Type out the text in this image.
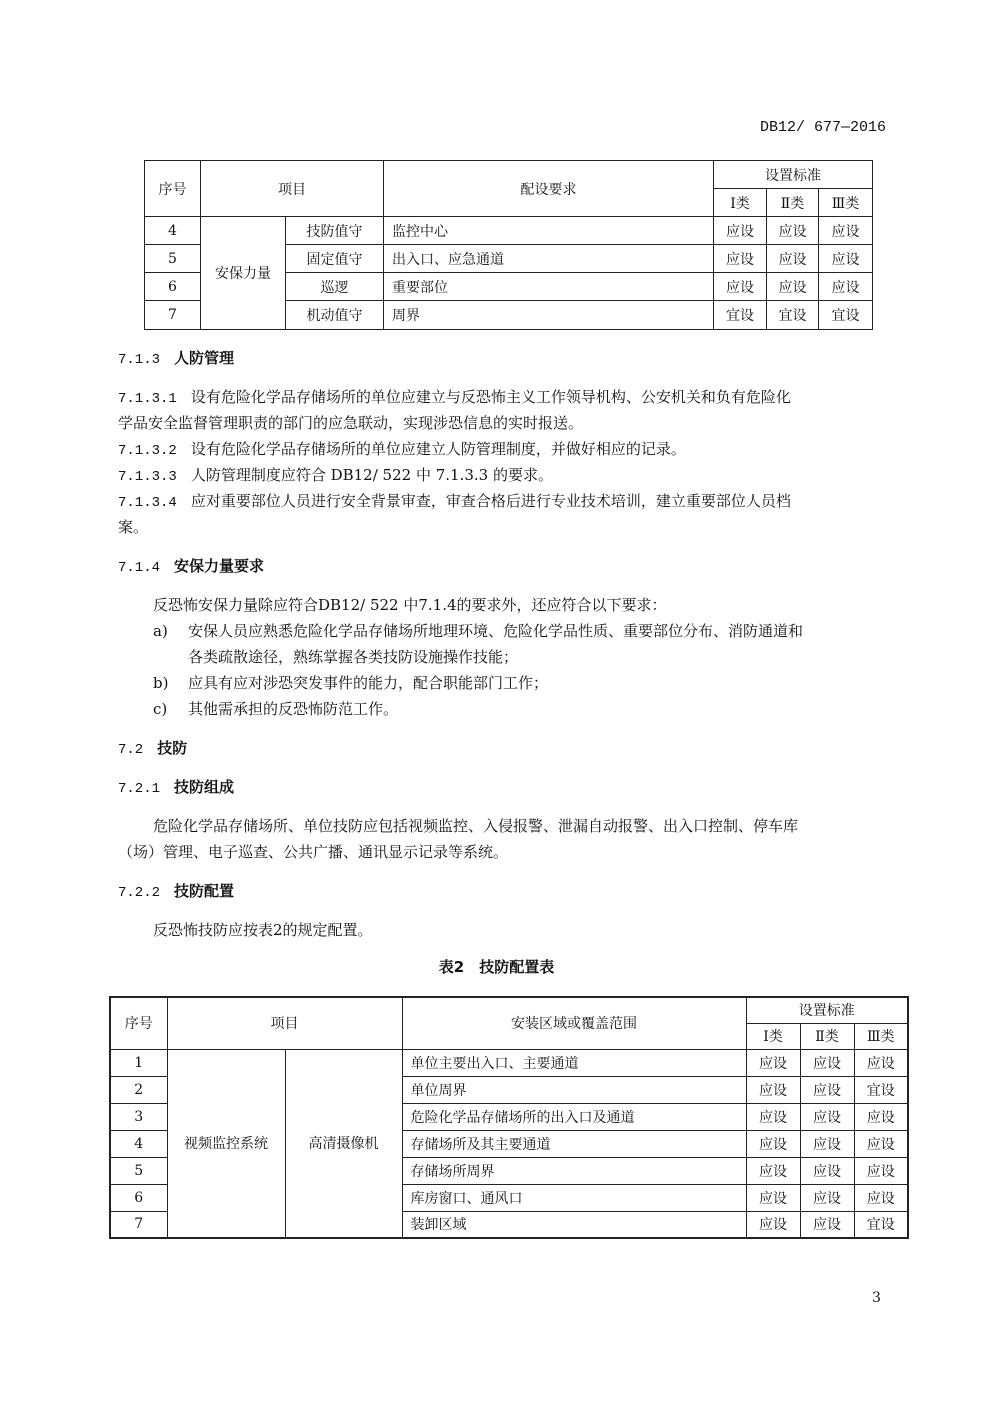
DB12/ 677—2016
序号	项目		配设要求	设置标准		
				Ⅰ类	Ⅱ类	Ⅲ类
4	安保力量	技防值守	监控中心	应设	应设	应设
5		固定值守	出入口、应急通道	应设	应设	应设
6		巡逻	重要部位	应设	应设	应设
7		机动值守	周界	宜设	宜设	宜设
7.1.3 人防管理
7.1.3.1 设有危险化学品存储场所的单位应建立与反恐怖主义工作领导机构、公安机关和负有危险化
学品安全监督管理职责的部门的应急联动，实现涉恐信息的实时报送。
7.1.3.2 设有危险化学品存储场所的单位应建立人防管理制度，并做好相应的记录。
7.1.3.3 人防管理制度应符合 DB12/ 522 中 7.1.3.3 的要求。
7.1.3.4 应对重要部位人员进行安全背景审查，审查合格后进行专业技术培训，建立重要部位人员档
案。
7.1.4 安保力量要求
反恐怖安保力量除应符合DB12/ 522 中7.1.4的要求外，还应符合以下要求：
a) 安保人员应熟悉危险化学品存储场所地理环境、危险化学品性质、重要部位分布、消防通道和
各类疏散途径，熟练掌握各类技防设施操作技能；
b) 应具有应对涉恐突发事件的能力，配合职能部门工作；
c) 其他需承担的反恐怖防范工作。
7.2 技防
7.2.1 技防组成
危险化学品存储场所、单位技防应包括视频监控、入侵报警、泄漏自动报警、出入口控制、停车库
（场）管理、电子巡查、公共广播、通讯显示记录等系统。
7.2.2 技防配置
反恐怖技防应按表2的规定配置。
表2　技防配置表
序号	项目		安装区域或覆盖范围	设置标准		
				Ⅰ类	Ⅱ类	Ⅲ类
1	视频监控系统	高清摄像机	单位主要出入口、主要通道	应设	应设	应设
2			单位周界	应设	应设	宜设
3			危险化学品存储场所的出入口及通道	应设	应设	应设
4			存储场所及其主要通道	应设	应设	应设
5			存储场所周界	应设	应设	应设
6			库房窗口、通风口	应设	应设	应设
7			装卸区域	应设	应设	宜设
3
